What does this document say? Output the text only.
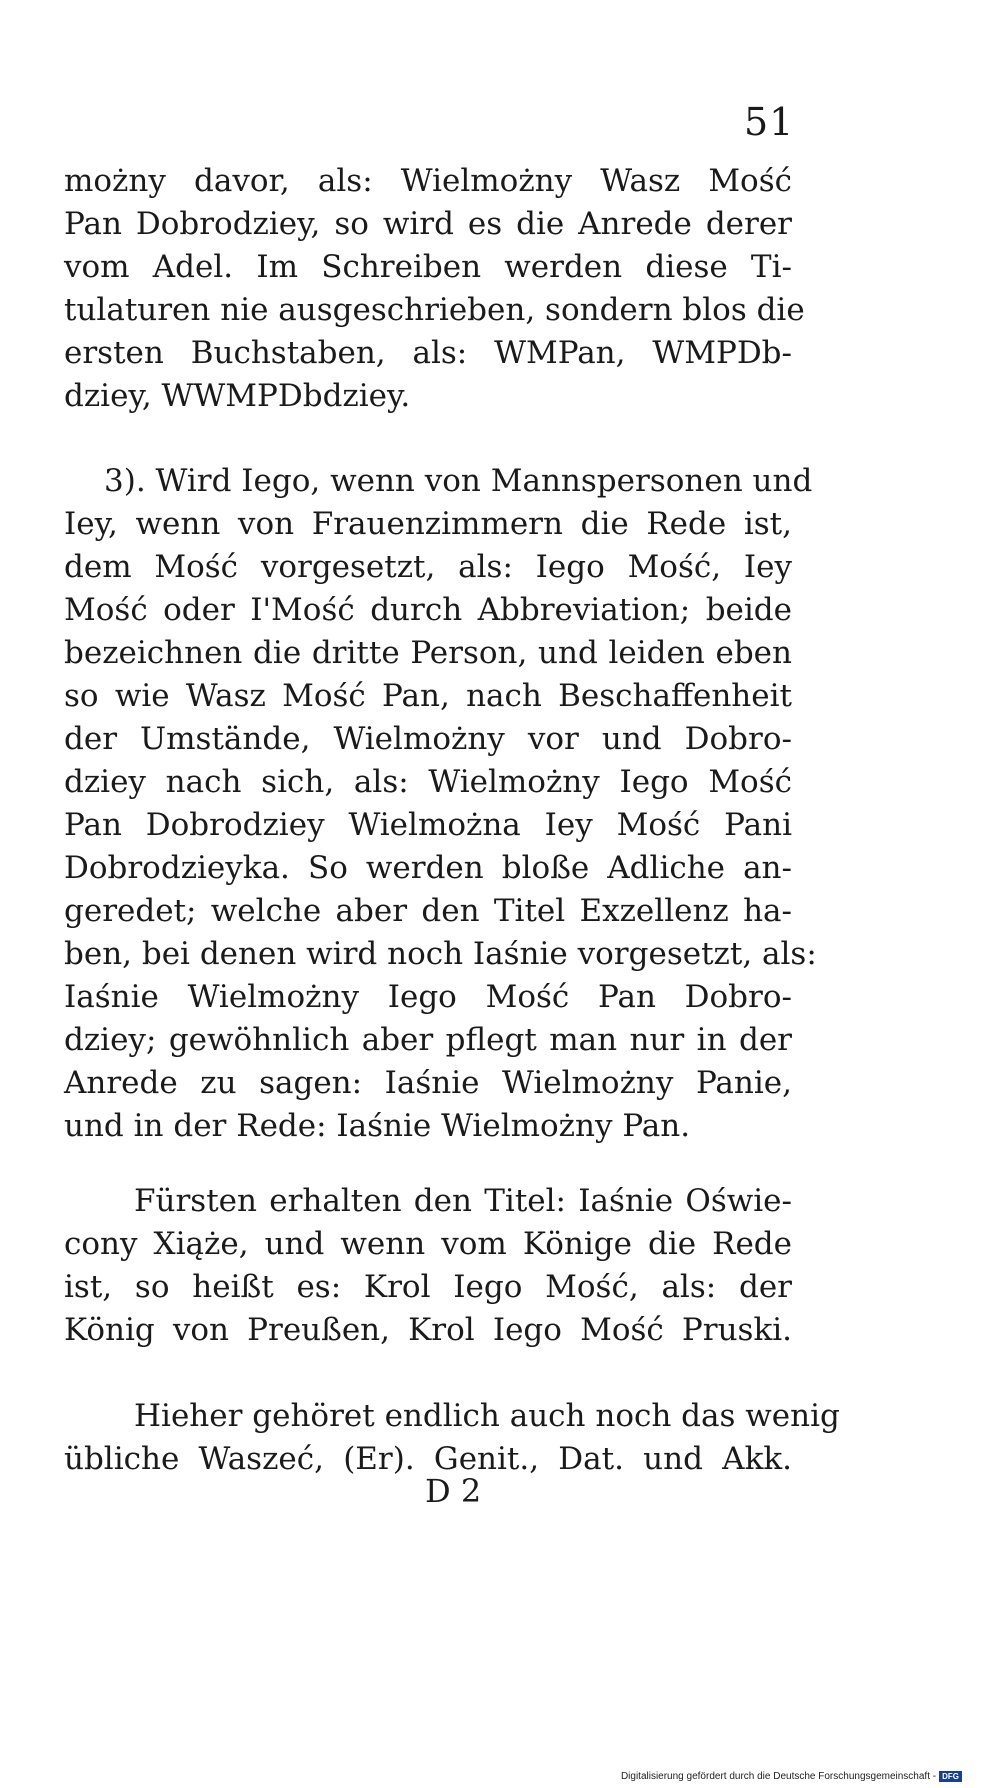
51
możny davor, als: Wielmożny Wasz Mość
Pan Dobrodziey, so wird es die Anrede derer
vom Adel. Im Schreiben werden diese Ti-
tulaturen nie ausgeschrieben, sondern blos die
ersten Buchstaben, als: WMPan, WMPDb-
dziey, WWMPDbdziey.
3). Wird Iego, wenn von Mannspersonen und
Iey, wenn von Frauenzimmern die Rede ist,
dem Mość vorgesetzt, als: Iego Mość, Iey
Mość oder I'Mość durch Abbreviation; beide
bezeichnen die dritte Person, und leiden eben
so wie Wasz Mość Pan, nach Beschaffenheit
der Umstände, Wielmożny vor und Dobro-
dziey nach sich, als: Wielmożny Iego Mość
Pan Dobrodziey Wielmożna Iey Mość Pani
Dobrodzieyka. So werden bloße Adliche an-
geredet; welche aber den Titel Exzellenz ha-
ben, bei denen wird noch Iaśnie vorgesetzt, als:
Iaśnie Wielmożny Iego Mość Pan Dobro-
dziey; gewöhnlich aber pflegt man nur in der
Anrede zu sagen: Iaśnie Wielmożny Panie,
und in der Rede: Iaśnie Wielmożny Pan.
Fürsten erhalten den Titel: Iaśnie Oświe-
cony Xiąże, und wenn vom Könige die Rede
ist, so heißt es: Krol Iego Mość, als: der
König von Preußen, Krol Iego Mość Pruski.
Hieher gehöret endlich auch noch das wenig
übliche Waszeć, (Er). Genit., Dat. und Akk.
D 2
Digitalisierung gefördert durch die Deutsche Forschungsgemeinschaft - DFG
